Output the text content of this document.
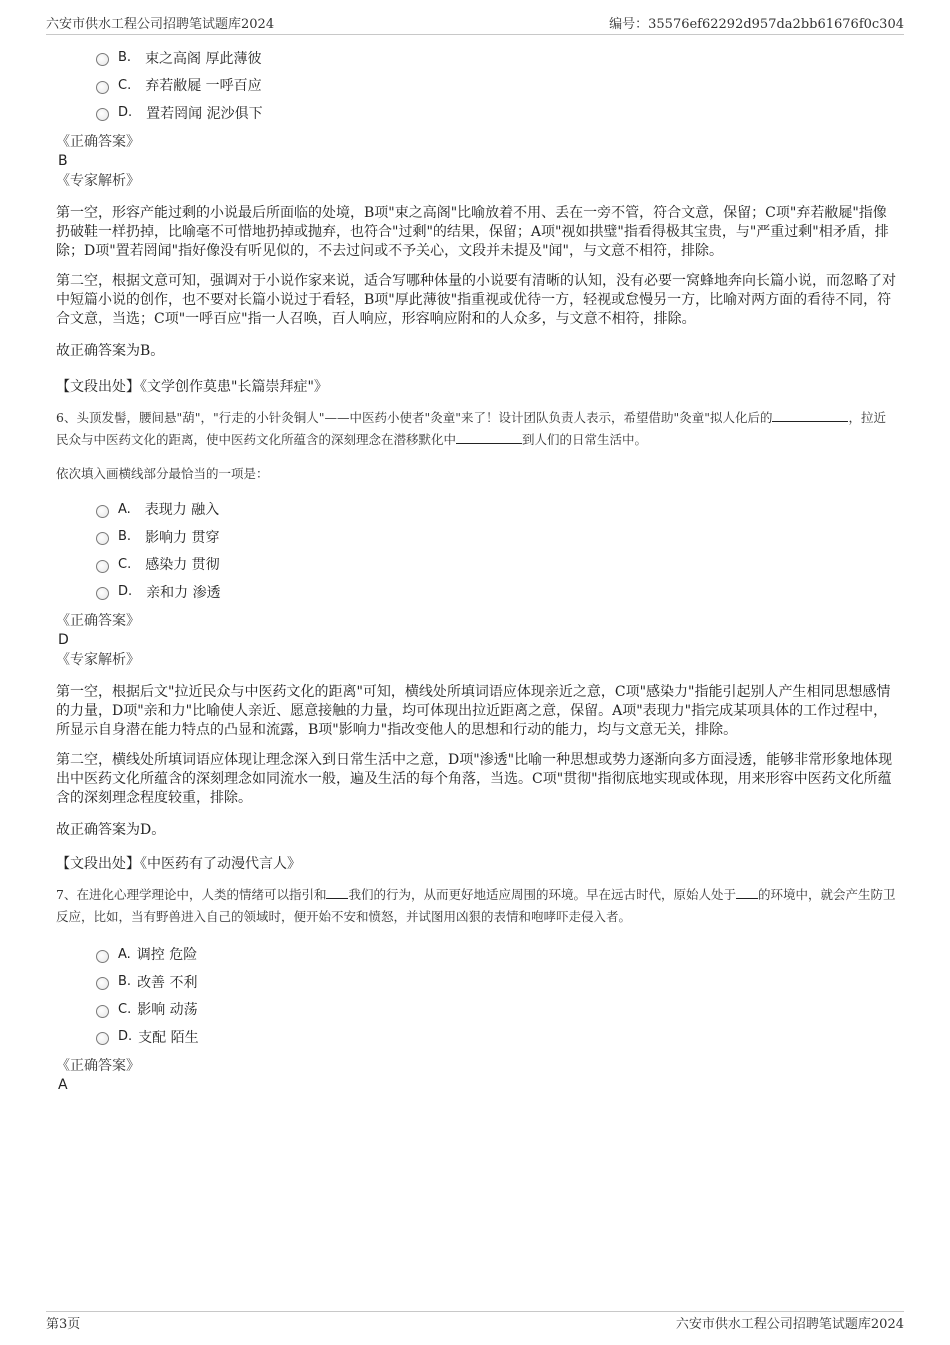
六安市供水工程公司招聘笔试题库2024	编号：35576ef62292d957da2bb61676f0c304
B. 束之高阁 厚此薄彼
C. 弃若敝屣 一呼百应
D. 置若罔闻 泥沙俱下
《正确答案》
B
《专家解析》

第一空，形容产能过剩的小说最后所面临的处境，B项"束之高阁"比喻放着不用、丢在一旁不管，符合文意，保留；C项"弃若敝屣"指像扔破鞋一样扔掉，比喻毫不可惜地扔掉或抛弃，也符合"过剩"的结果，保留；A项"视如拱璧"指看得极其宝贵，与"严重过剩"相矛盾，排除；D项"置若罔闻"指好像没有听见似的，不去过问或不予关心，文段并未提及"闻"，与文意不相符，排除。

第二空，根据文意可知，强调对于小说作家来说，适合写哪种体量的小说要有清晰的认知，没有必要一窝蜂地奔向长篇小说，而忽略了对中短篇小说的创作，也不要对长篇小说过于看轻，B项"厚此薄彼"指重视或优待一方，轻视或怠慢另一方，比喻对两方面的看待不同，符合文意，当选；C项"一呼百应"指一人召唤，百人响应，形容响应附和的人众多，与文意不相符，排除。

故正确答案为B。

【文段出处】《文学创作莫患"长篇崇拜症"》

6、头顶发髻，腰间悬"葫"，"行走的小针灸铜人"——中医药小使者"灸童"来了！设计团队负责人表示，希望借助"灸童"拟人化后的	，拉近民众与中医药文化的距离，使中医药文化所蕴含的深刻理念在潜移默化中	到人们的日常生活中。

依次填入画横线部分最恰当的一项是：

A. 表现力 融入
B. 影响力 贯穿
C. 感染力 贯彻
D. 亲和力 渗透
《正确答案》
D
《专家解析》

第一空，根据后文"拉近民众与中医药文化的距离"可知，横线处所填词语应体现亲近之意，C项"感染力"指能引起别人产生相同思想感情的力量，D项"亲和力"比喻使人亲近、愿意接触的力量，均可体现出拉近距离之意，保留。A项"表现力"指完成某项具体的工作过程中，所显示自身潜在能力特点的凸显和流露，B项"影响力"指改变他人的思想和行动的能力，均与文意无关，排除。

第二空，横线处所填词语应体现让理念深入到日常生活中之意，D项"渗透"比喻一种思想或势力逐渐向多方面浸透，能够非常形象地体现出中医药文化所蕴含的深刻理念如同流水一般，遍及生活的每个角落，当选。C项"贯彻"指彻底地实现或体现，用来形容中医药文化所蕴含的深刻理念程度较重，排除。

故正确答案为D。

【文段出处】《中医药有了动漫代言人》

7、在进化心理学理论中，人类的情绪可以指引和 我们的行为，从而更好地适应周围的环境。早在远古时代，原始人处于 的环境中，就会产生防卫反应，比如，当有野兽进入自己的领域时，便开始不安和愤怒，并试图用凶狠的表情和咆哮吓走侵入者。

A. 调控 危险
B. 改善 不利
C. 影响 动荡
D. 支配 陌生
《正确答案》
A
第3页	六安市供水工程公司招聘笔试题库2024
